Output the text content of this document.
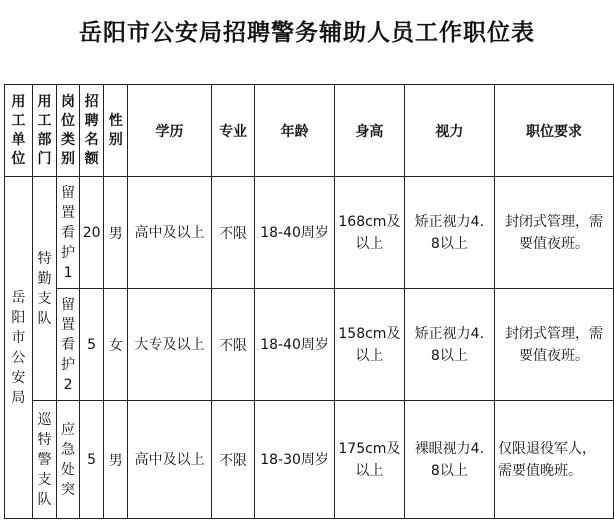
岳阳市公安局招聘警务辅助人员工作职位表
用工单位	用工部门	岗位类别	招聘名额	性别	学历	专业	年龄	身高	视力	职位要求
岳阳市公安局	特勤支队	留置看护1	20	男	高中及以上	不限	18-40周岁	168cm及以上	矫正视力4.8以上	封闭式管理，需要值夜班。
		留置看护2	5	女	大专及以上	不限	18-40周岁	158cm及以上	矫正视力4.8以上	封闭式管理，需要值夜班。
	巡特警支队	应急处突	5	男	高中及以上	不限	18-30周岁	175cm及以上	裸眼视力4.8以上	仅限退役军人，需要值晚班。
